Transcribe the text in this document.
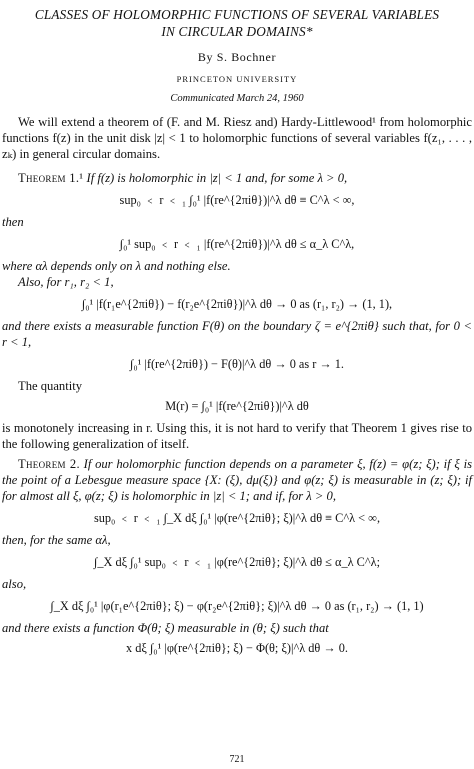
CLASSES OF HOLOMORPHIC FUNCTIONS OF SEVERAL VARIABLES
IN CIRCULAR DOMAINS*
By S. Bochner
PRINCETON UNIVERSITY
Communicated March 24, 1960
We will extend a theorem of (F. and M. Riesz and) Hardy-Littlewood¹ from holomorphic functions f(z) in the unit disk |z| < 1 to holomorphic functions of several variables f(z₁, . . . , zₖ) in general circular domains.
Theorem 1.¹ If f(z) is holomorphic in |z| < 1 and, for some λ > 0,
sup₀ ﹤ r ﹤ ₁ ∫₀¹ |f(re^{2πiθ})|^λ dθ ≡ C^λ < ∞,
then
∫₀¹ sup₀ ﹤ r ﹤ ₁ |f(re^{2πiθ})|^λ dθ ≤ α_λ C^λ,
where αλ depends only on λ and nothing else.
Also, for r₁, r₂ < 1,
∫₀¹ |f(r₁e^{2πiθ}) − f(r₂e^{2πiθ})|^λ dθ → 0 as (r₁, r₂) → (1, 1),
and there exists a measurable function F(θ) on the boundary ζ = e^{2πiθ} such that, for 0 < r < 1,
∫₀¹ |f(re^{2πiθ}) − F(θ)|^λ dθ → 0 as r → 1.
The quantity
M(r) = ∫₀¹ |f(re^{2πiθ})|^λ dθ
is monotonely increasing in r. Using this, it is not hard to verify that Theorem 1 gives rise to the following generalization of itself.
Theorem 2. If our holomorphic function depends on a parameter ξ, f(z) = φ(z; ξ); if ξ is the point of a Lebesgue measure space {X: (ξ), dμ(ξ)} and φ(z; ξ) is measurable in (z; ξ); if for almost all ξ, φ(z; ξ) is holomorphic in |z| < 1; and if, for λ > 0,
sup₀ ﹤ r ﹤ ₁ ∫_X dξ ∫₀¹ |φ(re^{2πiθ}; ξ)|^λ dθ ≡ C^λ < ∞,
then, for the same αλ,
∫_X dξ ∫₀¹ sup₀ ﹤ r ﹤ ₁ |φ(re^{2πiθ}; ξ)|^λ dθ ≤ α_λ C^λ;
also,
∫_X dξ ∫₀¹ |φ(r₁e^{2πiθ}; ξ) − φ(r₂e^{2πiθ}; ξ)|^λ dθ → 0 as (r₁, r₂) → (1, 1)
and there exists a function Φ(θ; ξ) measurable in (θ; ξ) such that
x dξ ∫₀¹ |φ(re^{2πiθ}; ξ) − Φ(θ; ξ)|^λ dθ → 0.
721
